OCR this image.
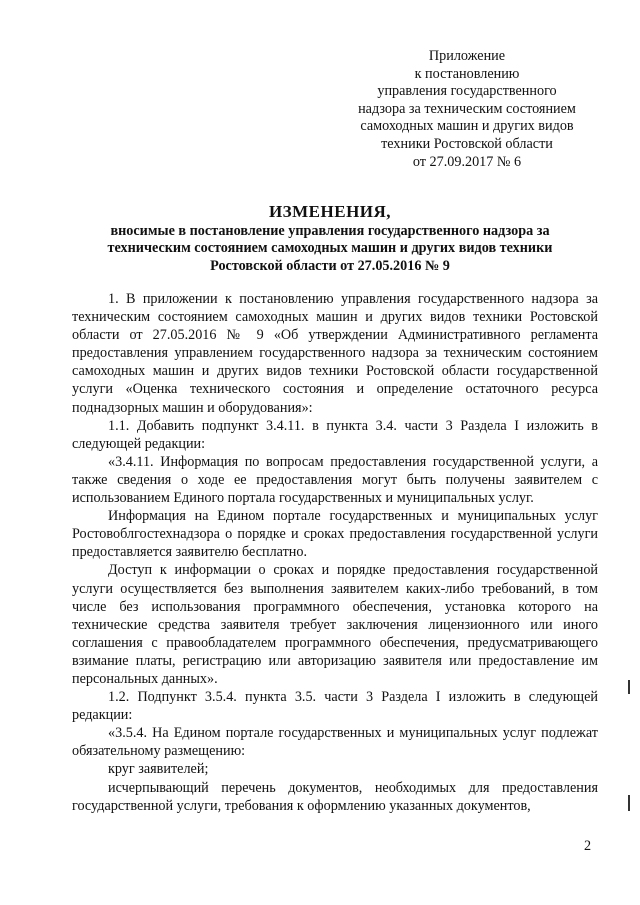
Приложение
к постановлению
управления государственного
надзора за техническим состоянием
самоходных машин и других видов
техники Ростовской области
от 27.09.2017 № 6
ИЗМЕНЕНИЯ,
вносимые в постановление управления государственного надзора за
техническим состоянием самоходных машин и других видов техники
Ростовской области от 27.05.2016 № 9

1. В приложении к постановлению управления государственного надзора за техническим состоянием самоходных машин и других видов техники Ростовской области от 27.05.2016 № 9 «Об утверждении Административного регламента предоставления управлением государственного надзора за техническим состоянием самоходных машин и других видов техники Ростовской области государственной услуги «Оценка технического состояния и определение остаточного ресурса поднадзорных машин и оборудования»:

1.1. Добавить подпункт 3.4.11. в пункта 3.4. части 3 Раздела I изложить в следующей редакции:

«3.4.11. Информация по вопросам предоставления государственной услуги, а также сведения о ходе ее предоставления могут быть получены заявителем с использованием Единого портала государственных и муниципальных услуг.

Информация на Едином портале государственных и муниципальных услуг Ростовоблгостехнадзора о порядке и сроках предоставления государственной услуги предоставляется заявителю бесплатно.

Доступ к информации о сроках и порядке предоставления государственной услуги осуществляется без выполнения заявителем каких-либо требований, в том числе без использования программного обеспечения, установка которого на технические средства заявителя требует заключения лицензионного или иного соглашения с правообладателем программного обеспечения, предусматривающего взимание платы, регистрацию или авторизацию заявителя или предоставление им персональных данных».

1.2. Подпункт 3.5.4. пункта 3.5. части 3 Раздела I изложить в следующей редакции:

«3.5.4. На Едином портале государственных и муниципальных услуг подлежат обязательному размещению:

круг заявителей;

исчерпывающий перечень документов, необходимых для предоставления государственной услуги, требования к оформлению указанных документов,

2
